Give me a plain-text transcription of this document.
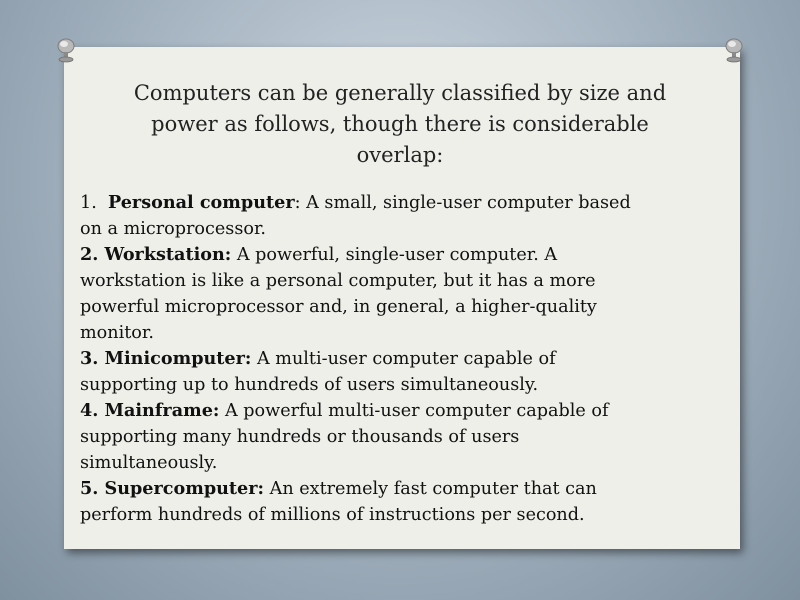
Computers can be generally classified by size and
power as follows, though there is considerable
overlap:
1.  Personal computer: A small, single-user computer based
on a microprocessor.
2. Workstation: A powerful, single-user computer. A
workstation is like a personal computer, but it has a more
powerful microprocessor and, in general, a higher-quality
monitor.
3. Minicomputer: A multi-user computer capable of
supporting up to hundreds of users simultaneously.
4. Mainframe: A powerful multi-user computer capable of
supporting many hundreds or thousands of users
simultaneously.
5. Supercomputer: An extremely fast computer that can
perform hundreds of millions of instructions per second.
